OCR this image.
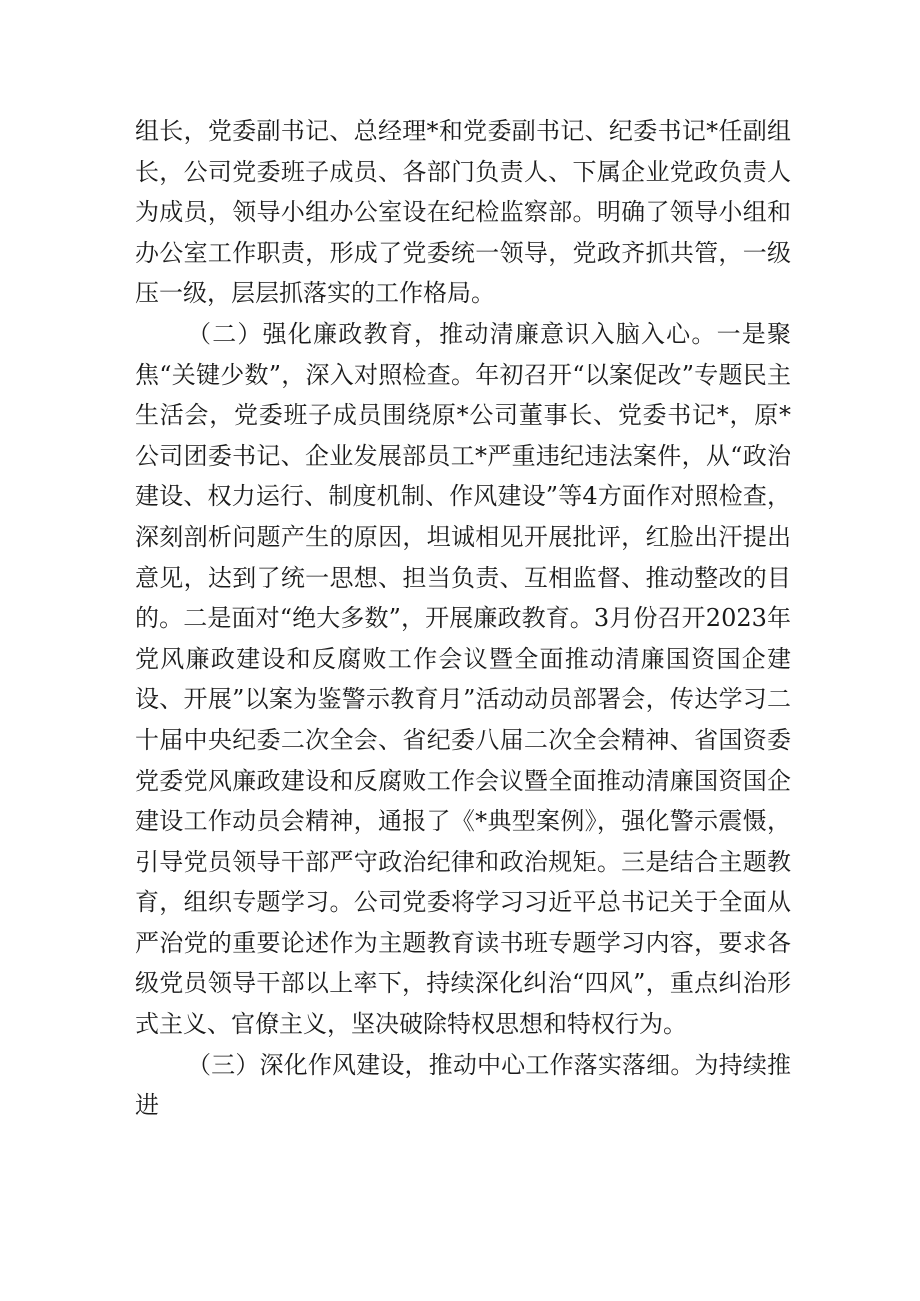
组长，党委副书记、总经理*和党委副书记、纪委书记*任副组长，公司党委班子成员、各部门负责人、下属企业党政负责人为成员，领导小组办公室设在纪检监察部。明确了领导小组和办公室工作职责，形成了党委统一领导，党政齐抓共管，一级压一级，层层抓落实的工作格局。

（二）强化廉政教育，推动清廉意识入脑入心。一是聚焦“关键少数”，深入对照检查。年初召开“以案促改”专题民主生活会，党委班子成员围绕原*公司董事长、党委书记*，原*公司团委书记、企业发展部员工*严重违纪违法案件，从“政治建设、权力运行、制度机制、作风建设”等4方面作对照检查，深刻剖析问题产生的原因，坦诚相见开展批评，红脸出汗提出意见，达到了统一思想、担当负责、互相监督、推动整改的目的。二是面对“绝大多数”，开展廉政教育。3月份召开2023年党风廉政建设和反腐败工作会议暨全面推动清廉国资国企建设、开展”以案为鉴警示教育月”活动动员部署会，传达学习二十届中央纪委二次全会、省纪委八届二次全会精神、省国资委党委党风廉政建设和反腐败工作会议暨全面推动清廉国资国企建设工作动员会精神，通报了《*典型案例》，强化警示震慑，引导党员领导干部严守政治纪律和政治规矩。三是结合主题教育，组织专题学习。公司党委将学习习近平总书记关于全面从严治党的重要论述作为主题教育读书班专题学习内容，要求各级党员领导干部以上率下，持续深化纠治“四风”，重点纠治形式主义、官僚主义，坚决破除特权思想和特权行为。

（三）深化作风建设，推动中心工作落实落细。为持续推进
